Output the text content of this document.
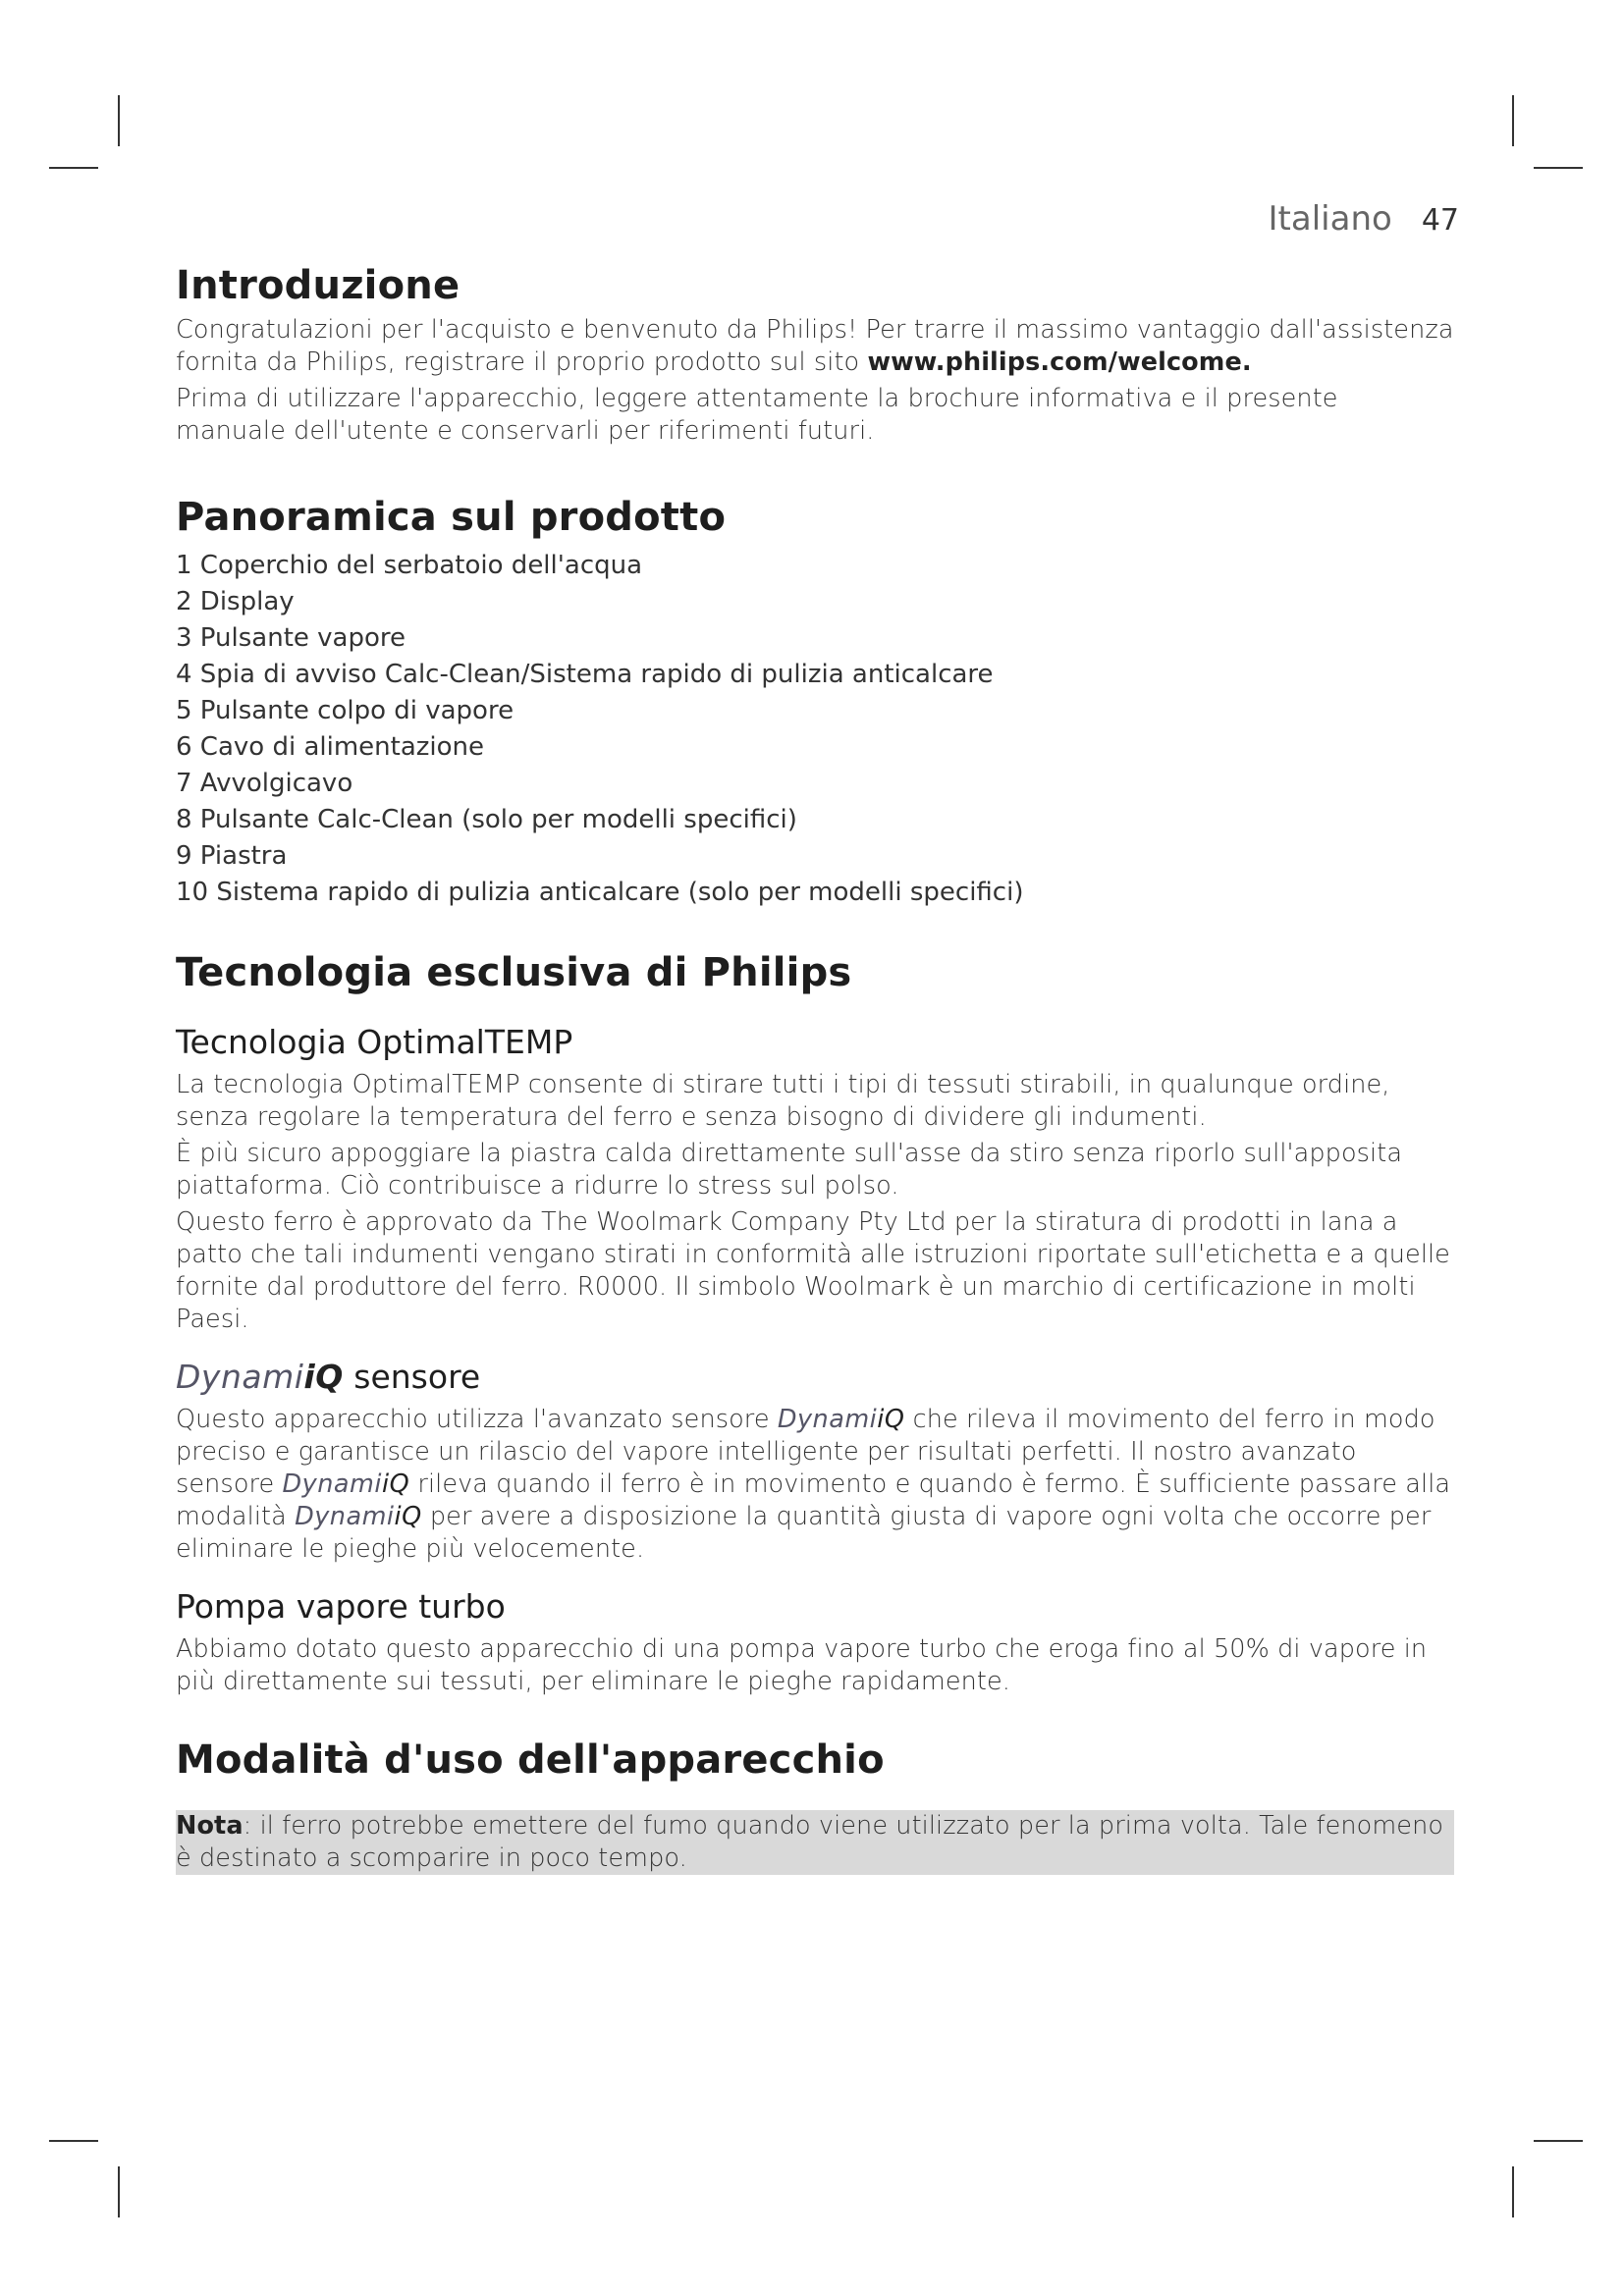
Italiano 47
Introduzione

Congratulazioni per l'acquisto e benvenuto da Philips! Per trarre il massimo vantaggio dall'assistenza fornita da Philips, registrare il proprio prodotto sul sito www.philips.com/welcome.

Prima di utilizzare l'apparecchio, leggere attentamente la brochure informativa e il presente manuale dell'utente e conservarli per riferimenti futuri.

Panoramica sul prodotto
1 Coperchio del serbatoio dell'acqua
2 Display
3 Pulsante vapore
4 Spia di avviso Calc-Clean/Sistema rapido di pulizia anticalcare
5 Pulsante colpo di vapore
6 Cavo di alimentazione
7 Avvolgicavo
8 Pulsante Calc-Clean (solo per modelli specifici)
9 Piastra
10 Sistema rapido di pulizia anticalcare (solo per modelli specifici)
Tecnologia esclusiva di Philips
Tecnologia OptimalTEMP

La tecnologia OptimalTEMP consente di stirare tutti i tipi di tessuti stirabili, in qualunque ordine, senza regolare la temperatura del ferro e senza bisogno di dividere gli indumenti.

È più sicuro appoggiare la piastra calda direttamente sull'asse da stiro senza riporlo sull'apposita piattaforma. Ciò contribuisce a ridurre lo stress sul polso.

Questo ferro è approvato da The Woolmark Company Pty Ltd per la stiratura di prodotti in lana a patto che tali indumenti vengano stirati in conformità alle istruzioni riportate sull'etichetta e a quelle fornite dal produttore del ferro. R0000. Il simbolo Woolmark è un marchio di certificazione in molti Paesi.

DynamiiQ sensore

Questo apparecchio utilizza l'avanzato sensore DynamiiQ che rileva il movimento del ferro in modo preciso e garantisce un rilascio del vapore intelligente per risultati perfetti. Il nostro avanzato sensore DynamiiQ rileva quando il ferro è in movimento e quando è fermo. È sufficiente passare alla modalità DynamiiQ per avere a disposizione la quantità giusta di vapore ogni volta che occorre per eliminare le pieghe più velocemente.

Pompa vapore turbo

Abbiamo dotato questo apparecchio di una pompa vapore turbo che eroga fino al 50% di vapore in più direttamente sui tessuti, per eliminare le pieghe rapidamente.

Modalità d'uso dell'apparecchio

Nota: il ferro potrebbe emettere del fumo quando viene utilizzato per la prima volta. Tale fenomeno è destinato a scomparire in poco tempo.
